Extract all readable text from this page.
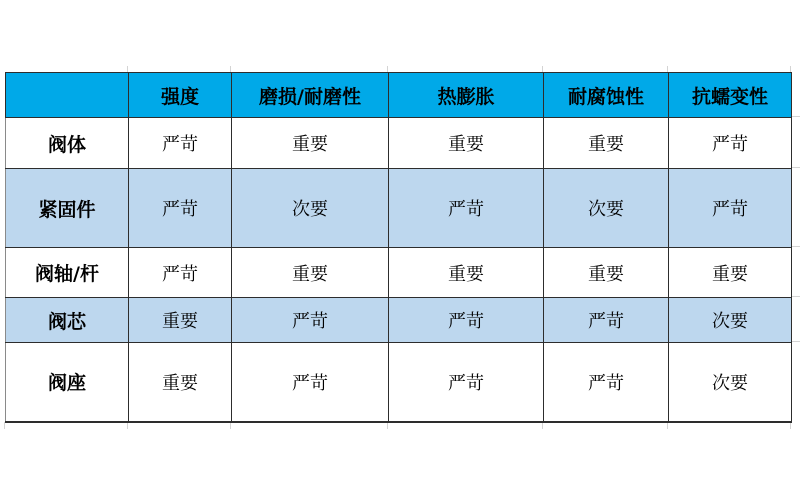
	强度	磨损/耐磨性	热膨胀	耐腐蚀性	抗蠕变性
阀体	严苛	重要	重要	重要	严苛
紧固件	严苛	次要	严苛	次要	严苛
阀轴/杆	严苛	重要	重要	重要	重要
阀芯	重要	严苛	严苛	严苛	次要
阀座	重要	严苛	严苛	严苛	次要
